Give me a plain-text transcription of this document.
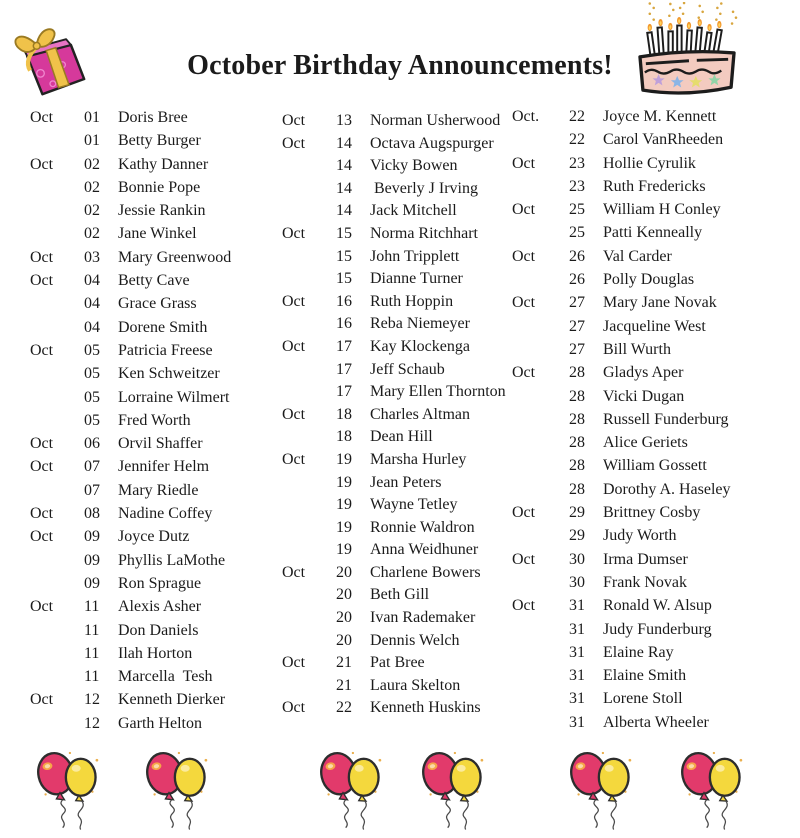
October Birthday Announcements!
Oct	01	Doris Bree
01	Betty Burger
Oct	02	Kathy Danner
02	Bonnie Pope
02	Jessie Rankin
02	Jane Winkel
Oct	03	Mary Greenwood
Oct	04	Betty Cave
04	Grace Grass
04	Dorene Smith
Oct	05	Patricia Freese
05	Ken Schweitzer
05	Lorraine Wilmert
05	Fred Worth
Oct	06	Orvil Shaffer
Oct	07	Jennifer Helm
07	Mary Riedle
Oct	08	Nadine Coffey
Oct	09	Joyce Dutz
09	Phyllis LaMothe
09	Ron Sprague
Oct	11	Alexis Asher
11	Don Daniels
11	Ilah Horton
11	Marcella  Tesh
Oct	12	Kenneth Dierker
12	Garth Helton
Oct	13	Norman Usherwood
Oct	14	Octava Augspurger
14	Vicky Bowen
14	Beverly J Irving
14	Jack Mitchell
Oct	15	Norma Ritchhart
15	John Tripplett
15	Dianne Turner
Oct	16	Ruth Hoppin
16	Reba Niemeyer
Oct	17	Kay Klockenga
17	Jeff Schaub
17	Mary Ellen Thornton
Oct	18	Charles Altman
18	Dean Hill
Oct	19	Marsha Hurley
19	Jean Peters
19	Wayne Tetley
19	Ronnie Waldron
19	Anna Weidhuner
Oct	20	Charlene Bowers
20	Beth Gill
20	Ivan Rademaker
20	Dennis Welch
Oct	21	Pat Bree
21	Laura Skelton
Oct	22	Kenneth Huskins
Oct.	22	Joyce M. Kennett
22	Carol VanRheeden
Oct	23	Hollie Cyrulik
23	Ruth Fredericks
Oct	25	William H Conley
25	Patti Kenneally
Oct	26	Val Carder
26	Polly Douglas
Oct	27	Mary Jane Novak
27	Jacqueline West
27	Bill Wurth
Oct	28	Gladys Aper
28	Vicki Dugan
28	Russell Funderburg
28	Alice Geriets
28	William Gossett
28	Dorothy A. Haseley
Oct	29	Brittney Cosby
29	Judy Worth
Oct	30	Irma Dumser
30	Frank Novak
Oct	31	Ronald W. Alsup
31	Judy Funderburg
31	Elaine Ray
31	Elaine Smith
31	Lorene Stoll
31	Alberta Wheeler
